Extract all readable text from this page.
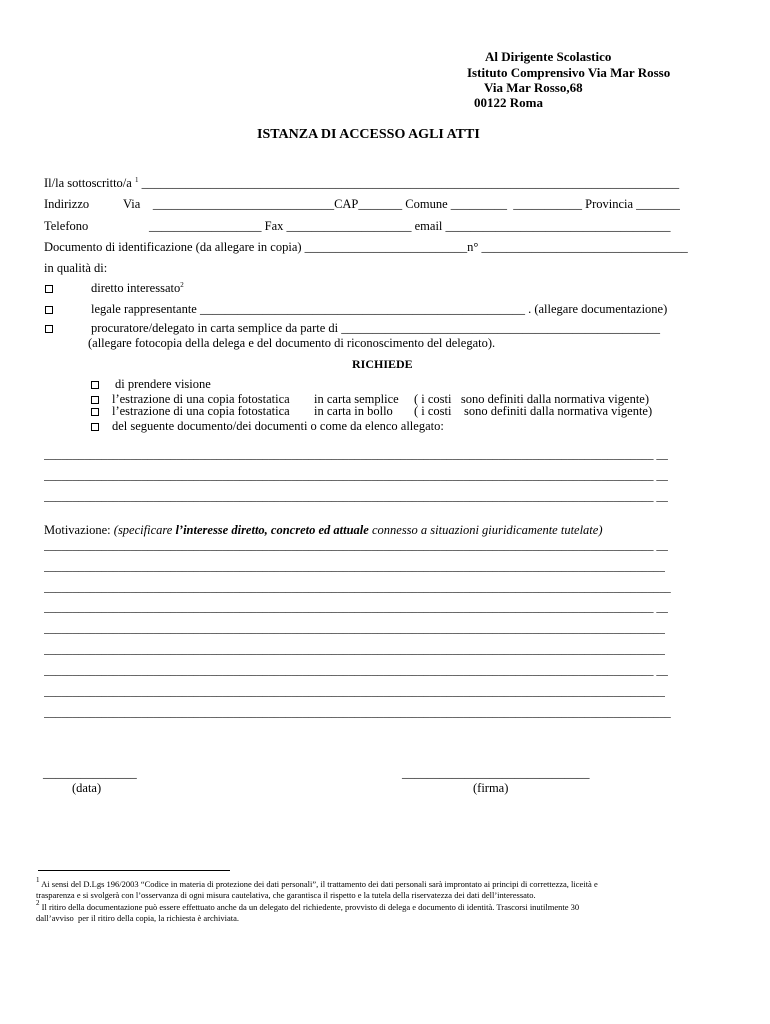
Al Dirigente Scolastico
Istituto Comprensivo Via Mar Rosso
Via Mar Rosso,68
00122 Roma
ISTANZA DI ACCESSO AGLI ATTI
Il/la sottoscritto/a $^1$ ______________________________________________________________________________________
Indirizzo	Via _____________________________CAP_______ Comune _________  ___________ Provincia _______
Telefono	__________________ Fax ____________________ email ____________________________________
Documento di identificazione (da allegare in copia) __________________________n° _________________________________
in qualità di:
diretto interessato$^2$
legale rappresentante ____________________________________________________ . (allegare documentazione)
procuratore/delegato in carta semplice da parte di ___________________________________________________
(allegare fotocopia della delega e del documento di riconoscimento del delegato).
RICHIEDE
di prendere visione
l’estrazione di una copia fotostatica in carta semplice ( i costi   sono definiti dalla normativa vigente)
l’estrazione di una copia fotostatica in carta in bollo ( i costi    sono definiti dalla normativa vigente)
del seguente documento/dei documenti o come da elenco allegato:
__________________________________________________________________________________________________________ __
__________________________________________________________________________________________________________ __
__________________________________________________________________________________________________________ __
Motivazione: (specificare l’interesse diretto, concreto ed attuale connesso a situazioni giuridicamente tutelate)
__________________________________________________________________________________________________________ __
____________________________________________________________________________________________________________
_____________________________________________________________________________________________________________
__________________________________________________________________________________________________________ __
____________________________________________________________________________________________________________
____________________________________________________________________________________________________________
__________________________________________________________________________________________________________ __
____________________________________________________________________________________________________________
_____________________________________________________________________________________________________________
_______________
(data)
______________________________
(firma)
$^1$ Ai sensi del D.Lgs 196/2003 “Codice in materia di protezione dei dati personali”, il trattamento dei dati personali sarà improntato ai principi di correttezza, liceità e
trasparenza e si svolgerà con l’osservanza di ogni misura cautelativa, che garantisca il rispetto e la tutela della riservatezza dei dati dell’interessato.
$^2$ Il ritiro della documentazione può essere effettuato anche da un delegato del richiedente, provvisto di delega e documento di identità. Trascorsi inutilmente 30
dall’avviso  per il ritiro della copia, la richiesta è archiviata.
